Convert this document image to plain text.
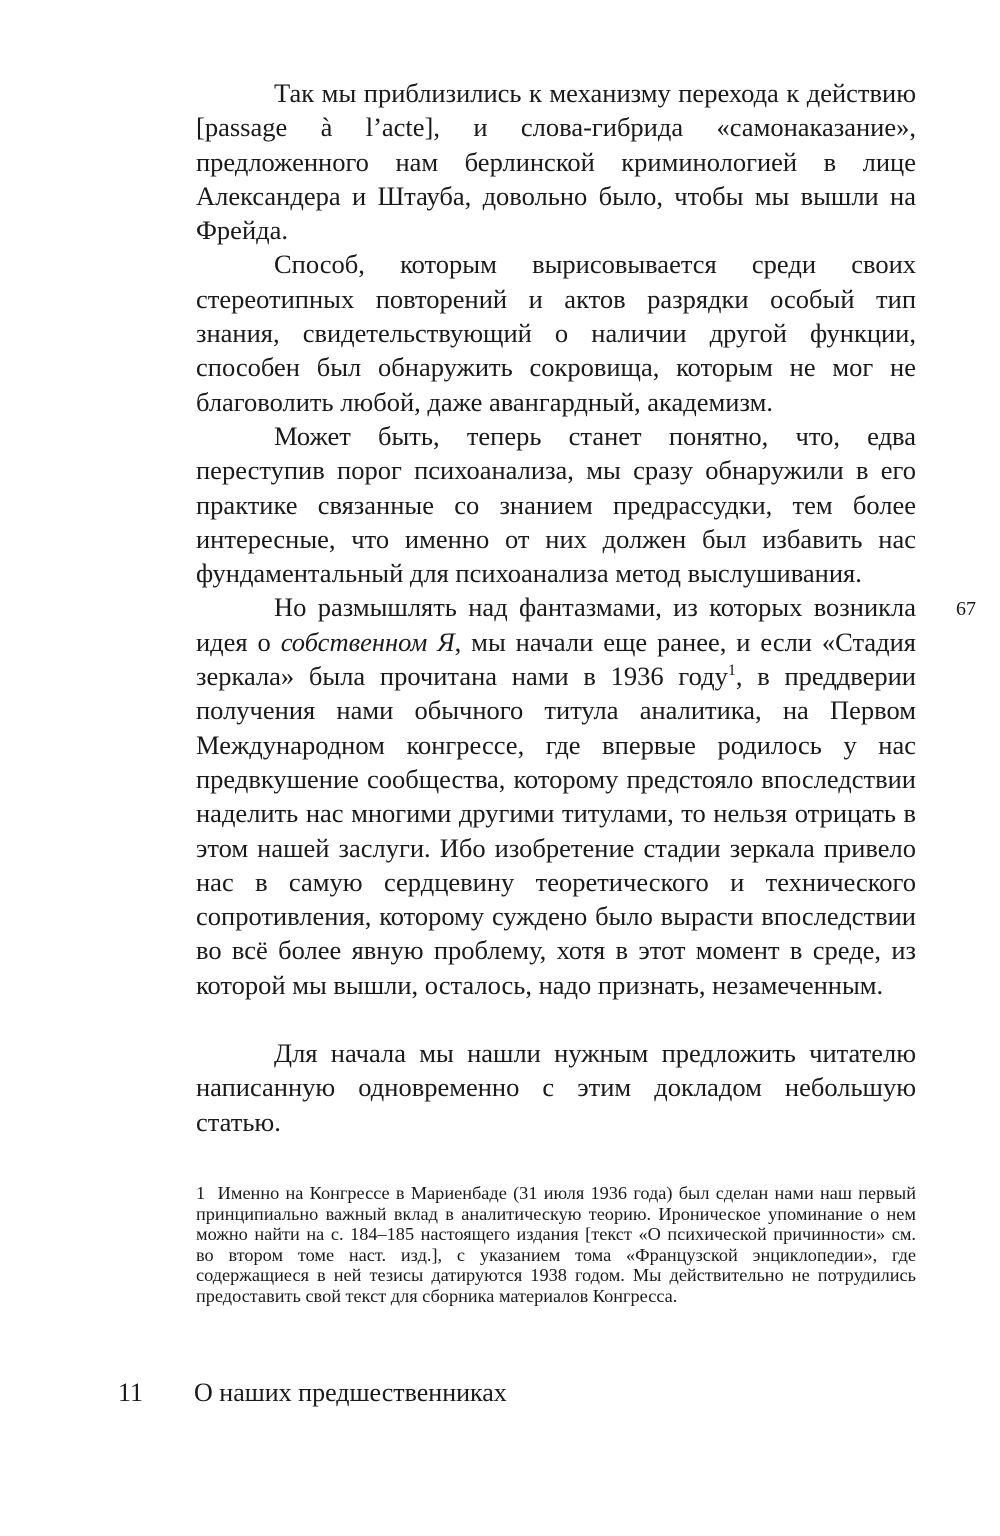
Так мы приблизились к механизму перехода к действию [passage à l’acte], и слова-гибрида «самонаказание», предложенного нам берлинской криминологией в лице Александера и Штауба, довольно было, чтобы мы вышли на Фрейда.

Способ, которым вырисовывается среди своих стереотипных повторений и актов разрядки особый тип знания, свидетельствующий о наличии другой функции, способен был обнаружить сокровища, которым не мог не благоволить любой, даже авангардный, академизм.

Может быть, теперь станет понятно, что, едва переступив порог психоанализа, мы сразу обнаружили в его практике связанные со знанием предрассудки, тем более интересные, что именно от них должен был избавить нас фундаментальный для психоанализа метод выслушивания.

Но размышлять над фантазмами, из которых возникла идея о собственном Я, мы начали еще ранее, и если «Стадия зеркала» была прочитана нами в 1936 году$^1$, в преддверии получения нами обычного титула аналитика, на Первом Международном конгрессе, где впервые родилось у нас предвкушение сообщества, которому предстояло впоследствии наделить нас многими другими титулами, то нельзя отрицать в этом нашей заслуги. Ибо изобретение стадии зеркала привело нас в самую сердцевину теоретического и технического сопротивления, которому суждено было вырасти впоследствии во всё более явную проблему, хотя в этот момент в среде, из которой мы вышли, осталось, надо признать, незамеченным.

Для начала мы нашли нужным предложить читателю написанную одновременно с этим докладом небольшую статью.

67

1 Именно на Конгрессе в Мариенбаде (31 июля 1936 года) был сделан нами наш первый принципиально важный вклад в аналитическую теорию. Ироническое упоминание о нем можно найти на с. 184–185 настоящего издания [текст «О психической причинности» см. во втором томе наст. изд.], с указанием тома «Французской энциклопедии», где содержащиеся в ней тезисы датируются 1938 годом. Мы действительно не потрудились предоставить свой текст для сборника материалов Конгресса.

11 О наших предшественниках
